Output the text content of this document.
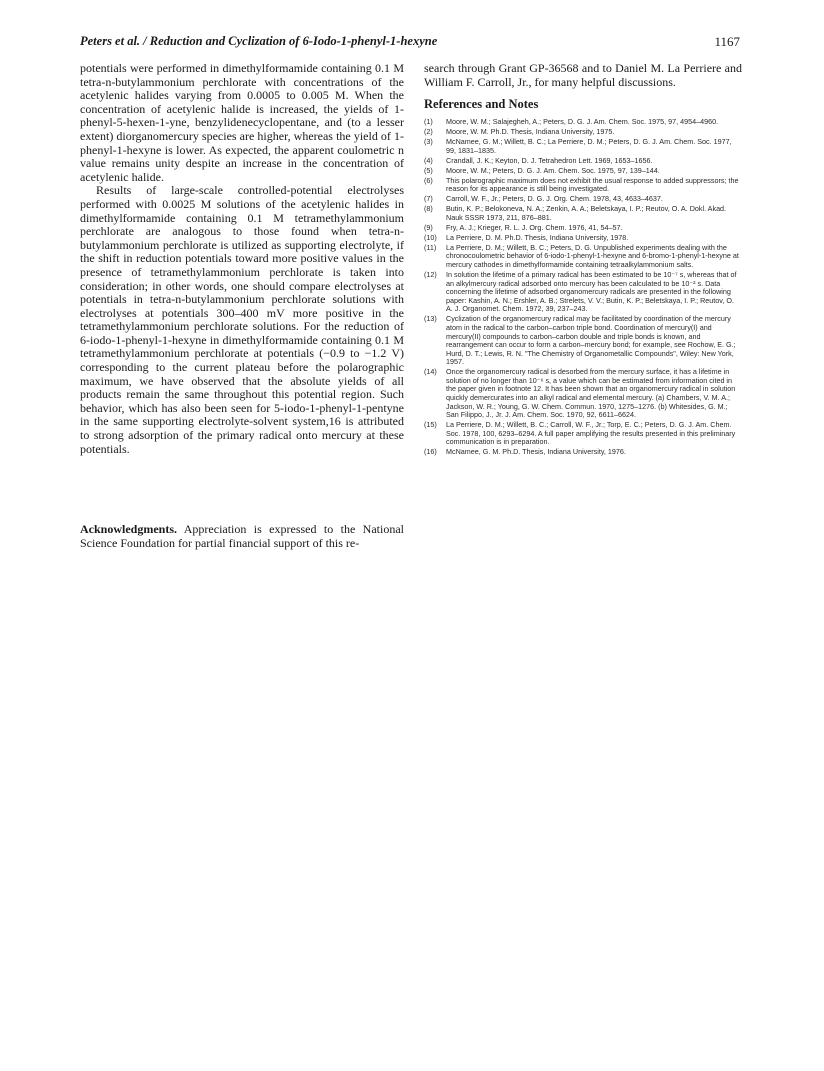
Peters et al. / Reduction and Cyclization of 6-Iodo-1-phenyl-1-hexyne	1167

potentials were performed in dimethylformamide containing 0.1 M tetra-n-butylammonium perchlorate with concentrations of the acetylenic halides varying from 0.0005 to 0.005 M. When the concentration of acetylenic halide is increased, the yields of 1-phenyl-5-hexen-1-yne, benzylidenecyclopentane, and (to a lesser extent) diorganomercury species are higher, whereas the yield of 1-phenyl-1-hexyne is lower. As expected, the apparent coulometric n value remains unity despite an increase in the concentration of acetylenic halide.

Results of large-scale controlled-potential electrolyses performed with 0.0025 M solutions of the acetylenic halides in dimethylformamide containing 0.1 M tetramethylammonium perchlorate are analogous to those found when tetra-n-butylammonium perchlorate is utilized as supporting electrolyte, if the shift in reduction potentials toward more positive values in the presence of tetramethylammonium perchlorate is taken into consideration; in other words, one should compare electrolyses at potentials in tetra-n-butylammonium perchlorate solutions with electrolyses at potentials 300–400 mV more positive in the tetramethylammonium perchlorate solutions. For the reduction of 6-iodo-1-phenyl-1-hexyne in dimethylformamide containing 0.1 M tetramethylammonium perchlorate at potentials (−0.9 to −1.2 V) corresponding to the current plateau before the polarographic maximum, we have observed that the absolute yields of all products remain the same throughout this potential region. Such behavior, which has also been seen for 5-iodo-1-phenyl-1-pentyne in the same supporting electrolyte-solvent system,16 is attributed to strong adsorption of the primary radical onto mercury at these potentials.

Acknowledgments. Appreciation is expressed to the National Science Foundation for partial financial support of this re-

search through Grant GP-36568 and to Daniel M. La Perriere and William F. Carroll, Jr., for many helpful discussions.

References and Notes
(1)	Moore, W. M.; Salajegheh, A.; Peters, D. G. J. Am. Chem. Soc. 1975, 97, 4954–4960.
(2)	Moore, W. M. Ph.D. Thesis, Indiana University, 1975.
(3)	McNamee, G. M.; Willett, B. C.; La Perriere, D. M.; Peters, D. G. J. Am. Chem. Soc. 1977, 99, 1831–1835.
(4)	Crandall, J. K.; Keyton, D. J. Tetrahedron Lett. 1969, 1653–1656.
(5)	Moore, W. M.; Peters, D. G. J. Am. Chem. Soc. 1975, 97, 139–144.
(6)	This polarographic maximum does not exhibit the usual response to added suppressors; the reason for its appearance is still being investigated.
(7)	Carroll, W. F., Jr.; Peters, D. G. J. Org. Chem. 1978, 43, 4633–4637.
(8)	Butin, K. P.; Belokoneva, N. A.; Zenkin, A. A.; Beletskaya, I. P.; Reutov, O. A. Dokl. Akad. Nauk SSSR 1973, 211, 876–881.
(9)	Fry, A. J.; Krieger, R. L. J. Org. Chem. 1976, 41, 54–57.
(10)	La Perriere, D. M. Ph.D. Thesis, Indiana University, 1978.
(11)	La Perriere, D. M.; Willett, B. C.; Peters, D. G. Unpublished experiments dealing with the chronocoulometric behavior of 6-iodo-1-phenyl-1-hexyne and 6-bromo-1-phenyl-1-hexyne at mercury cathodes in dimethylformamide containing tetraalkylammonium salts.
(12)	In solution the lifetime of a primary radical has been estimated to be 10⁻⁷ s, whereas that of an alkylmercury radical adsorbed onto mercury has been calculated to be 10⁻² s. Data concerning the lifetime of adsorbed organomercury radicals are presented in the following paper: Kashin, A. N.; Ershler, A. B.; Strelets, V. V.; Butin, K. P.; Beletskaya, I. P.; Reutov, O. A. J. Organomet. Chem. 1972, 39, 237–243.
(13)	Cyclization of the organomercury radical may be facilitated by coordination of the mercury atom in the radical to the carbon–carbon triple bond. Coordination of mercury(I) and mercury(II) compounds to carbon–carbon double and triple bonds is known, and rearrangement can occur to form a carbon–mercury bond; for example, see Rochow, E. G.; Hurd, D. T.; Lewis, R. N. "The Chemistry of Organometallic Compounds", Wiley: New York, 1957.
(14)	Once the organomercury radical is desorbed from the mercury surface, it has a lifetime in solution of no longer than 10⁻⁶ s, a value which can be estimated from information cited in the paper given in footnote 12. It has been shown that an organomercury radical in solution quickly demercurates into an alkyl radical and elemental mercury. (a) Chambers, V. M. A.; Jackson, W. R.; Young, G. W. Chem. Commun. 1970, 1275–1276. (b) Whitesides, G. M.; San Filippo, J., Jr. J. Am. Chem. Soc. 1970, 92, 6611–6624.
(15)	La Perriere, D. M.; Willett, B. C.; Carroll, W. F., Jr.; Torp, E. C.; Peters, D. G. J. Am. Chem. Soc. 1978, 100, 6293–6294. A full paper amplifying the results presented in this preliminary communication is in preparation.
(16)	McNamee, G. M. Ph.D. Thesis, Indiana University, 1976.
